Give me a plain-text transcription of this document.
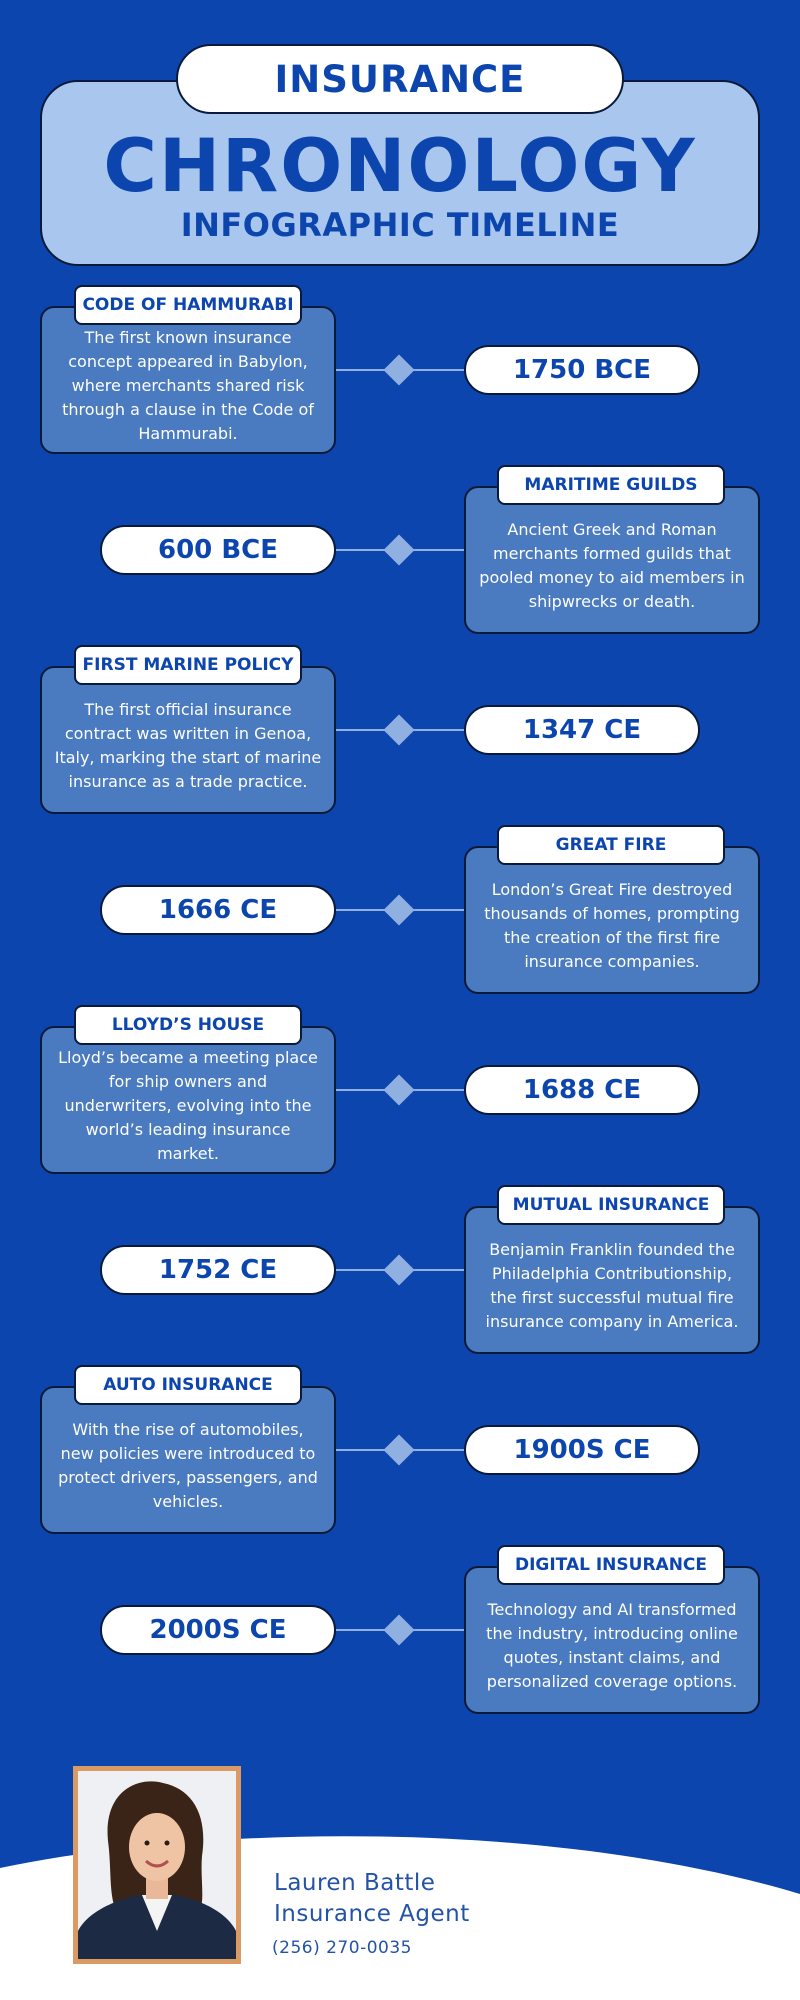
INSURANCE
CHRONOLOGY
INFOGRAPHIC TIMELINE
The first known insurance concept appeared in Babylon, where merchants shared risk through a clause in the Code of Hammurabi.
CODE OF HAMMURABI
1750 BCE
600 BCE
Ancient Greek and Roman merchants formed guilds that pooled money to aid members in shipwrecks or death.
MARITIME GUILDS
The first official insurance contract was written in Genoa, Italy, marking the start of marine insurance as a trade practice.
FIRST MARINE POLICY
1347 CE
1666 CE
London’s Great Fire destroyed thousands of homes, prompting the creation of the first fire insurance companies.
GREAT FIRE
Lloyd’s became a meeting place for ship owners and underwriters, evolving into the world’s leading insurance market.
LLOYD’S HOUSE
1688 CE
1752 CE
Benjamin Franklin founded the Philadelphia Contributionship, the first successful mutual fire insurance company in America.
MUTUAL INSURANCE
With the rise of automobiles, new policies were introduced to protect drivers, passengers, and vehicles.
AUTO INSURANCE
1900S CE
2000S CE
Technology and AI transformed the industry, introducing online quotes, instant claims, and personalized coverage options.
DIGITAL INSURANCE
Lauren Battle
Insurance Agent
(256) 270-0035
